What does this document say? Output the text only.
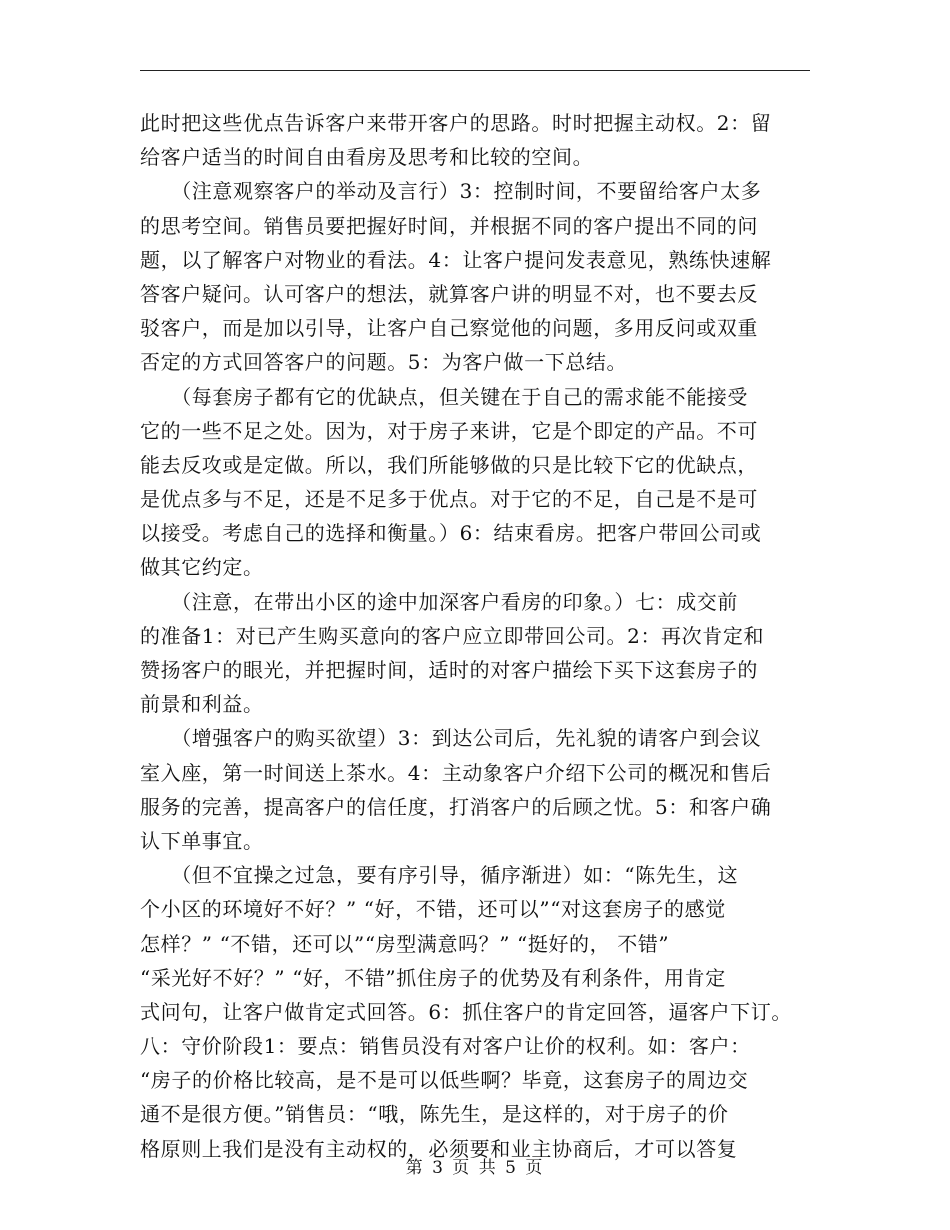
此时把这些优点告诉客户来带开客户的思路。时时把握主动权。2：留
给客户适当的时间自由看房及思考和比较的空间。
　　（注意观察客户的举动及言行）3：控制时间，不要留给客户太多
的思考空间。销售员要把握好时间，并根据不同的客户提出不同的问
题，以了解客户对物业的看法。4：让客户提问发表意见，熟练快速解
答客户疑问。认可客户的想法，就算客户讲的明显不对，也不要去反
驳客户，而是加以引导，让客户自己察觉他的问题，多用反问或双重
否定的方式回答客户的问题。5：为客户做一下总结。
　　（每套房子都有它的优缺点，但关键在于自己的需求能不能接受
它的一些不足之处。因为，对于房子来讲，它是个即定的产品。不可
能去反攻或是定做。所以，我们所能够做的只是比较下它的优缺点，
是优点多与不足，还是不足多于优点。对于它的不足，自己是不是可
以接受。考虑自己的选择和衡量。）6：结束看房。把客户带回公司或
做其它约定。
　　（注意，在带出小区的途中加深客户看房的印象。）七：成交前
的准备1：对已产生购买意向的客户应立即带回公司。2：再次肯定和
赞扬客户的眼光，并把握时间，适时的对客户描绘下买下这套房子的
前景和利益。
　　（增强客户的购买欲望）3：到达公司后，先礼貌的请客户到会议
室入座，第一时间送上茶水。4：主动象客户介绍下公司的概况和售后
服务的完善，提高客户的信任度，打消客户的后顾之忧。5：和客户确
认下单事宜。
　　（但不宜操之过急，要有序引导，循序渐进）如：“陈先生，这
个小区的环境好不好？” “好，不错，还可以”“对这套房子的感觉
怎样？” “不错，还可以”“房型满意吗？” “挺好的， 不错”
“采光好不好？” “好，不错”抓住房子的优势及有利条件，用肯定
式问句，让客户做肯定式回答。6：抓住客户的肯定回答，逼客户下订。
八：守价阶段1：要点：销售员没有对客户让价的权利。如：客户：
“房子的价格比较高，是不是可以低些啊？毕竟，这套房子的周边交
通不是很方便。”销售员：“哦，陈先生，是这样的，对于房子的价
格原则上我们是没有主动权的，必须要和业主协商后，才可以答复
第 3 页 共 5 页
